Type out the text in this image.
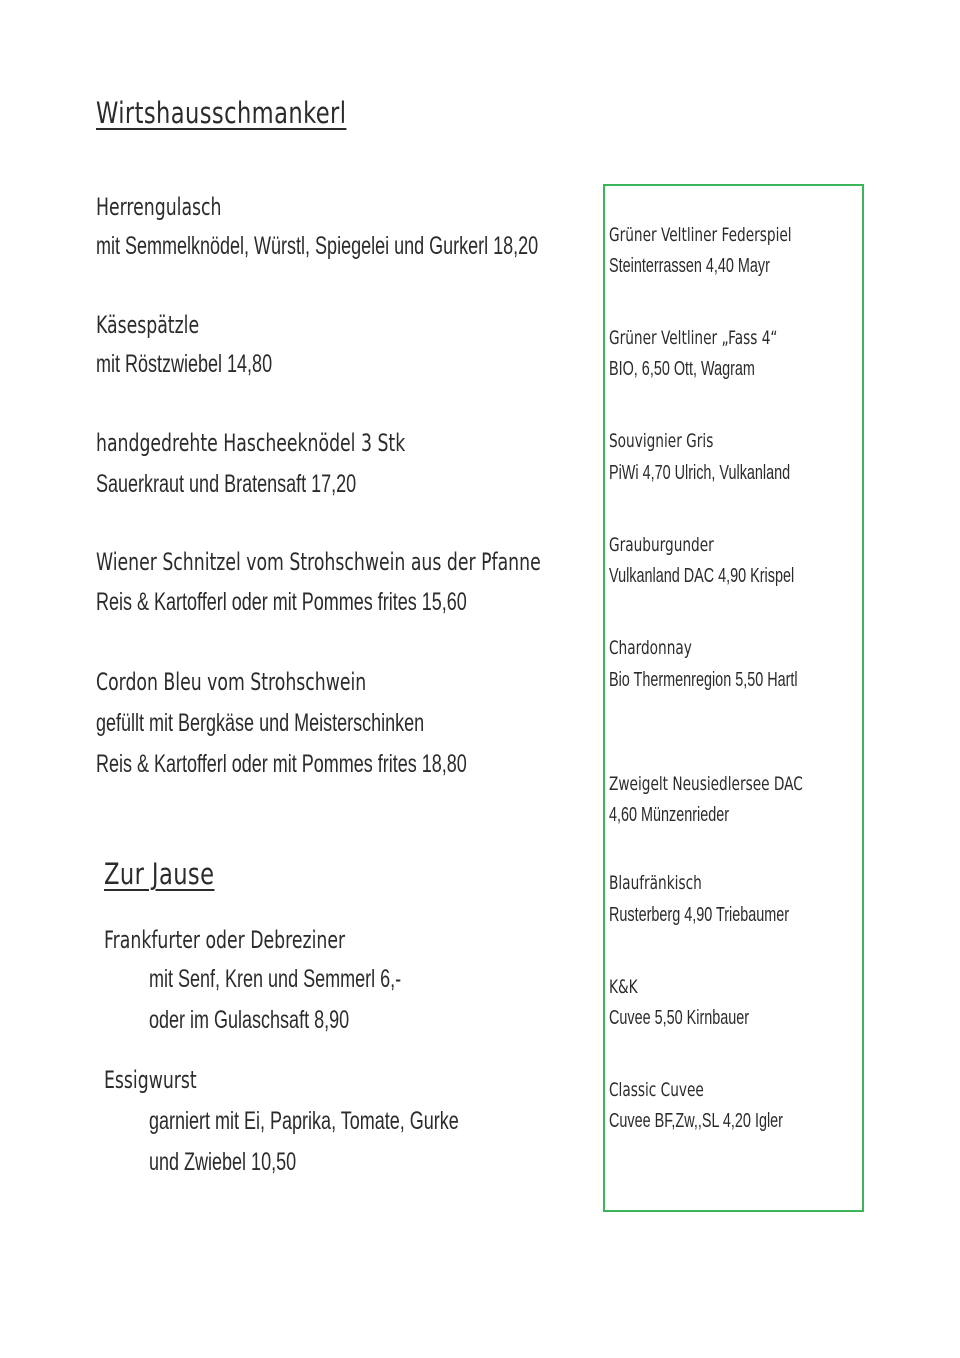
Wirtshausschmankerl
Herrengulasch
mit Semmelknödel, Würstl, Spiegelei und Gurkerl 18,20
Käsespätzle
mit Röstzwiebel 14,80
handgedrehte Hascheeknödel 3 Stk
Sauerkraut und Bratensaft 17,20
Wiener Schnitzel vom Strohschwein aus der Pfanne
Reis & Kartofferl oder mit Pommes frites 15,60
Cordon Bleu vom Strohschwein
gefüllt mit Bergkäse und Meisterschinken
Reis & Kartofferl oder mit Pommes frites 18,80
Zur Jause
Frankfurter oder Debreziner
mit Senf, Kren und Semmerl 6,-
oder im Gulaschsaft 8,90
Essigwurst
garniert mit Ei, Paprika, Tomate, Gurke
und Zwiebel 10,50
Grüner Veltliner Federspiel
Steinterrassen 4,40 Mayr
Grüner Veltliner „Fass 4“
BIO, 6,50 Ott, Wagram
Souvignier Gris
PiWi 4,70 Ulrich, Vulkanland
Grauburgunder
Vulkanland DAC 4,90 Krispel
Chardonnay
Bio Thermenregion 5,50 Hartl
Zweigelt Neusiedlersee DAC
4,60 Münzenrieder
Blaufränkisch
Rusterberg 4,90 Triebaumer
K&K
Cuvee 5,50 Kirnbauer
Classic Cuvee
Cuvee BF,Zw,,SL 4,20 Igler
